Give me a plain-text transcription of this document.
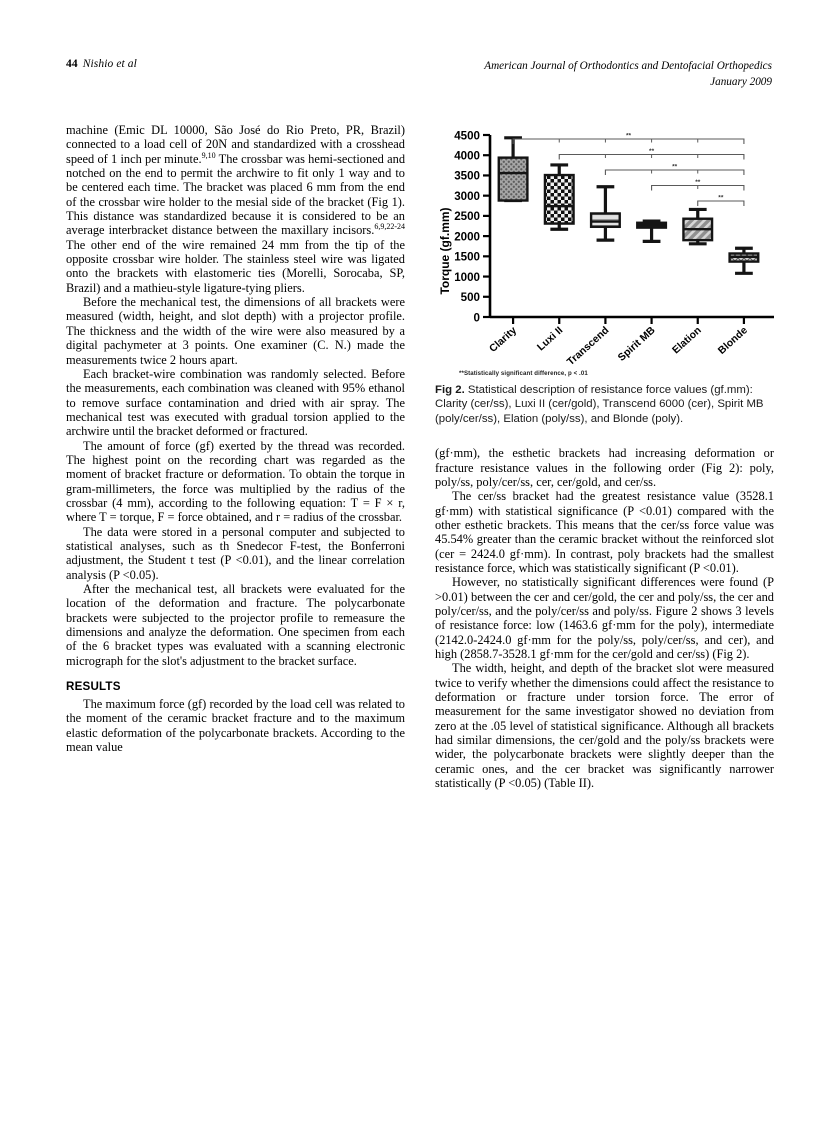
44 Nishio et al	American Journal of Orthodontics and Dentofacial Orthopedics
January 2009

machine (Emic DL 10000, São José do Rio Preto, PR, Brazil) connected to a load cell of 20N and standardized with a crosshead speed of 1 inch per minute.$^{9,10}$ The crossbar was hemi-sectioned and notched on the end to permit the archwire to fit only 1 way and to be centered each time. The bracket was placed 6 mm from the end of the crossbar wire holder to the mesial side of the bracket (Fig 1). This distance was standardized because it is considered to be an average interbracket distance between the maxillary incisors.$^{6,9,22-24}$ The other end of the wire remained 24 mm from the tip of the opposite crossbar wire holder. The stainless steel wire was ligated onto the brackets with elastomeric ties (Morelli, Sorocaba, SP, Brazil) and a mathieu-style ligature-tying pliers.

Before the mechanical test, the dimensions of all brackets were measured (width, height, and slot depth) with a projector profile. The thickness and the width of the wire were also measured by a digital pachymeter at 3 points. One examiner (C. N.) made the measurements twice 2 hours apart.

Each bracket-wire combination was randomly selected. Before the measurements, each combination was cleaned with 95% ethanol to remove surface contamination and dried with air spray. The mechanical test was executed with gradual torsion applied to the archwire until the bracket deformed or fractured.

The amount of force (gf) exerted by the thread was recorded. The highest point on the recording chart was regarded as the moment of bracket fracture or deformation. To obtain the torque in gram-millimeters, the force was multiplied by the radius of the crossbar (4 mm), according to the following equation: T = F × r, where T = torque, F = force obtained, and r = radius of the crossbar.

The data were stored in a personal computer and subjected to statistical analyses, such as th Snedecor F-test, the Bonferroni adjustment, the Student t test (P <0.01), and the linear correlation analysis (P <0.05).

After the mechanical test, all brackets were evaluated for the location of the deformation and fracture. The polycarbonate brackets were subjected to the projector profile to remeasure the dimensions and analyze the deformation. One specimen from each of the 6 bracket types was evaluated with a scanning electronic micrograph for the slot's adjustment to the bracket surface.

RESULTS

The maximum force (gf) recorded by the load cell was related to the moment of the ceramic bracket fracture and to the maximum elastic deformation of the polycarbonate brackets. According to the mean value

Torque (gf.mm)
0
500
1000
1500
2000
2500
3000
3500
4000
4500	**
**
**
**
**
Clarity Luxi II Transcend Spirit MB Elation Blonde
**Statistically significant difference, p < .01
Fig 2. Statistical description of resistance force values (gf.mm): Clarity (cer/ss), Luxi II (cer/gold), Transcend 6000 (cer), Spirit MB (poly/cer/ss), Elation (poly/ss), and Blonde (poly).

(gf·mm), the esthetic brackets had increasing deformation or fracture resistance values in the following order (Fig 2): poly, poly/ss, poly/cer/ss, cer, cer/gold, and cer/ss.

The cer/ss bracket had the greatest resistance value (3528.1 gf·mm) with statistical significance (P <0.01) compared with the other esthetic brackets. This means that the cer/ss force value was 45.54% greater than the ceramic bracket without the reinforced slot (cer = 2424.0 gf·mm). In contrast, poly brackets had the smallest resistance force, which was statistically significant (P <0.01).

However, no statistically significant differences were found (P >0.01) between the cer and cer/gold, the cer and poly/ss, the cer and poly/cer/ss, and the poly/cer/ss and poly/ss. Figure 2 shows 3 levels of resistance force: low (1463.6 gf·mm for the poly), intermediate (2142.0-2424.0 gf·mm for the poly/ss, poly/cer/ss, and cer), and high (2858.7-3528.1 gf·mm for the cer/gold and cer/ss) (Fig 2).

The width, height, and depth of the bracket slot were measured twice to verify whether the dimensions could affect the resistance to deformation or fracture under torsion force. The error of measurement for the same investigator showed no deviation from zero at the .05 level of statistical significance. Although all brackets had similar dimensions, the cer/gold and the poly/ss brackets were wider, the polycarbonate brackets were slightly deeper than the ceramic ones, and the cer bracket was significantly narrower statistically (P <0.05) (Table II).
